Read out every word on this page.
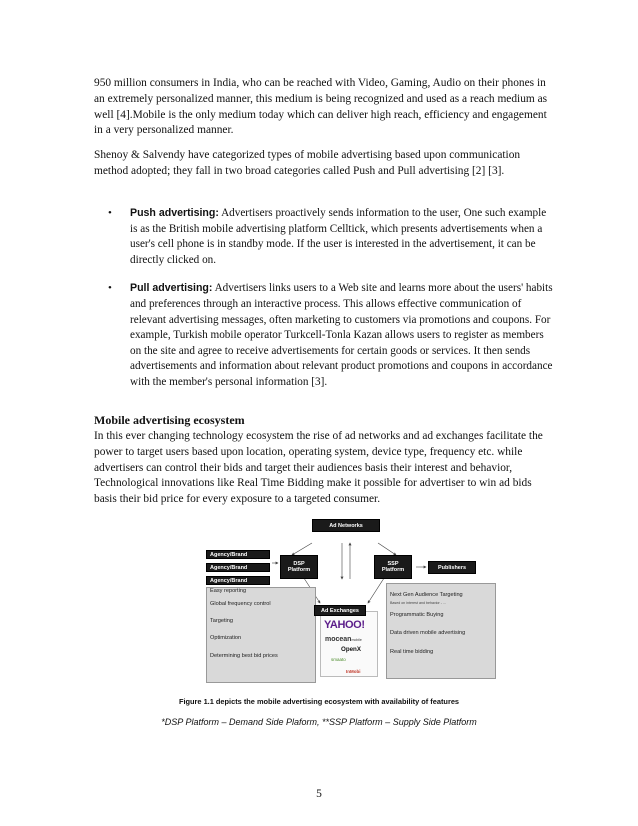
950 million consumers in India, who can be reached with Video, Gaming, Audio on their phones in an extremely personalized manner, this medium is being recognized and used as a reach medium as well [4].Mobile is the only medium today which can deliver high reach, efficiency and engagement in a very personalized manner.
Shenoy & Salvendy have categorized types of mobile advertising based upon communication method adopted; they fall in two broad categories called Push and Pull advertising [2] [3].
• Push advertising: Advertisers proactively sends information to the user, One such example is as the British mobile advertising platform Celltick, which presents advertisements when a user's cell phone is in standby mode. If the user is interested in the advertisement, it can be directly clicked on.
• Pull advertising: Advertisers links users to a Web site and learns more about the users' habits and preferences through an interactive process. This allows effective communication of relevant advertising messages, often marketing to customers via promotions and coupons. For example, Turkish mobile operator Turkcell-Tonla Kazan allows users to register as members on the site and agree to receive advertisements for certain goods or services. It then sends advertisements and information about relevant product promotions and coupons in accordance with the member's personal information [3].
Mobile advertising ecosystem
In this ever changing technology ecosystem the rise of ad networks and ad exchanges facilitate the power to target users based upon location, operating system, device type, frequency etc. while advertisers can control their bids and target their audiences basis their interest and behavior, Technological innovations like Real Time Bidding make it possible for advertiser to win ad bids basis their bid price for every exposure to a targeted consumer.
Ad Networks
Agency/Brand
Agency/Brand
Agency/Brand
DSP Platform
SSP Platform	Publishers
Easy reporting
Global frequency control
Targeting
Optimization
Determining best bid prices
Next Gen Audience Targeting
Based on interest and behavior - ...
Programmatic Buying
Data driven mobile advertising
Real time bidding
Ad Exchanges
YAHOO!
moceanmobile
OpenX
smaato
InMobi
Figure 1.1 depicts the mobile advertising ecosystem with availability of features
*DSP Platform – Demand Side Plaform, **SSP Platform – Supply Side Platform
5
